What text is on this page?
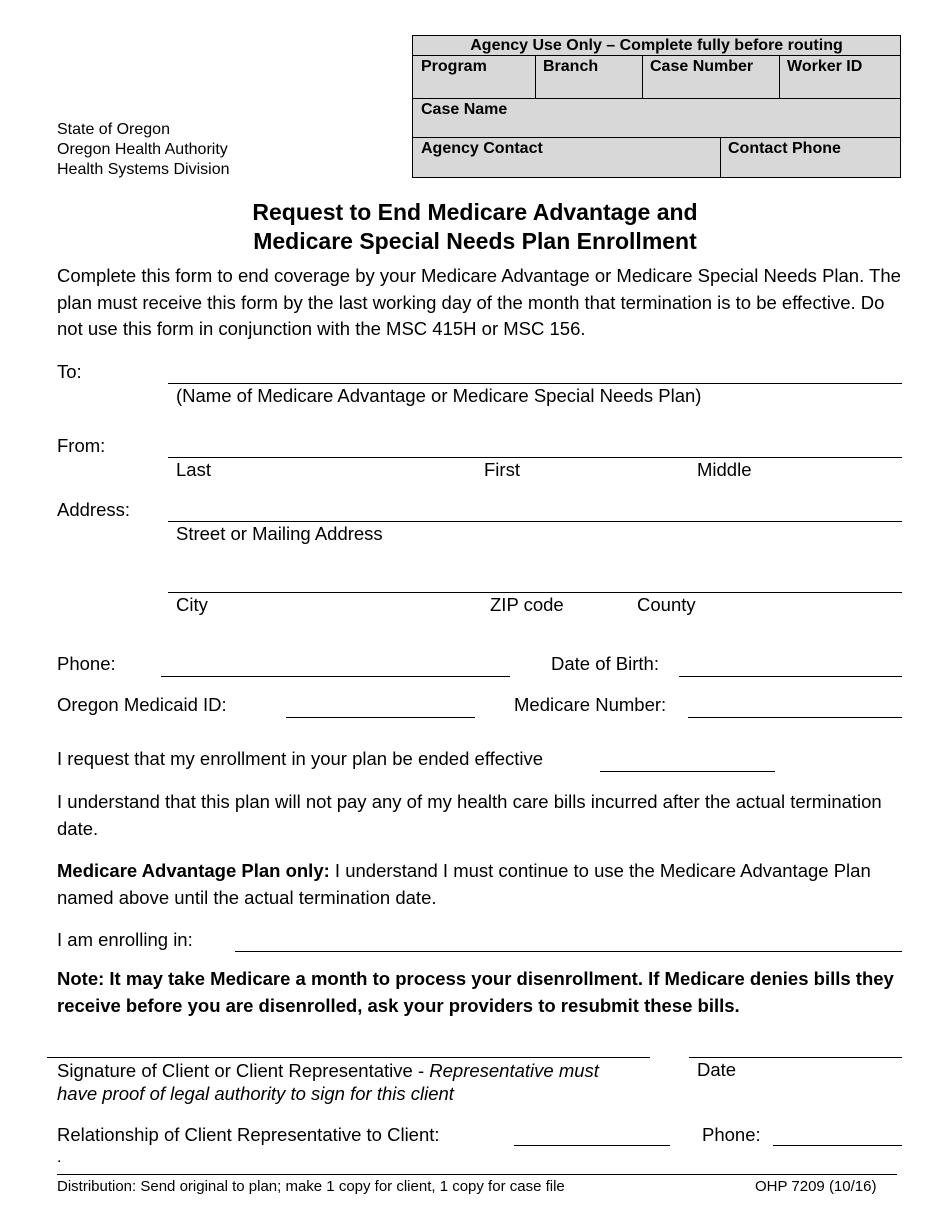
Agency Use Only – Complete fully before routing
Program	Branch	Case Number	Worker ID
Case Name
Agency Contact	Contact Phone
State of Oregon
Oregon Health Authority
Health Systems Division
Request to End Medicare Advantage and
Medicare Special Needs Plan Enrollment
Complete this form to end coverage by your Medicare Advantage or Medicare Special Needs Plan. The plan must receive this form by the last working day of the month that termination is to be effective. Do not use this form in conjunction with the MSC 415H or MSC 156.
To:
(Name of Medicare Advantage or Medicare Special Needs Plan)
From:
Last	First	Middle
Address:
Street or Mailing Address
City	ZIP code	County
Phone:	Date of Birth:
Oregon Medicaid ID:	Medicare Number:
I request that my enrollment in your plan be ended effective
I understand that this plan will not pay any of my health care bills incurred after the actual termination date.
Medicare Advantage Plan only: I understand I must continue to use the Medicare Advantage Plan named above until the actual termination date.
I am enrolling in:
Note: It may take Medicare a month to process your disenrollment. If Medicare denies bills they receive before you are disenrolled, ask your providers to resubmit these bills.
Signature of Client or Client Representative - Representative must have proof of legal authority to sign for this client
Date
Relationship of Client Representative to Client:	Phone:
.
Distribution: Send original to plan; make 1 copy for client, 1 copy for case file	OHP 7209 (10/16)
